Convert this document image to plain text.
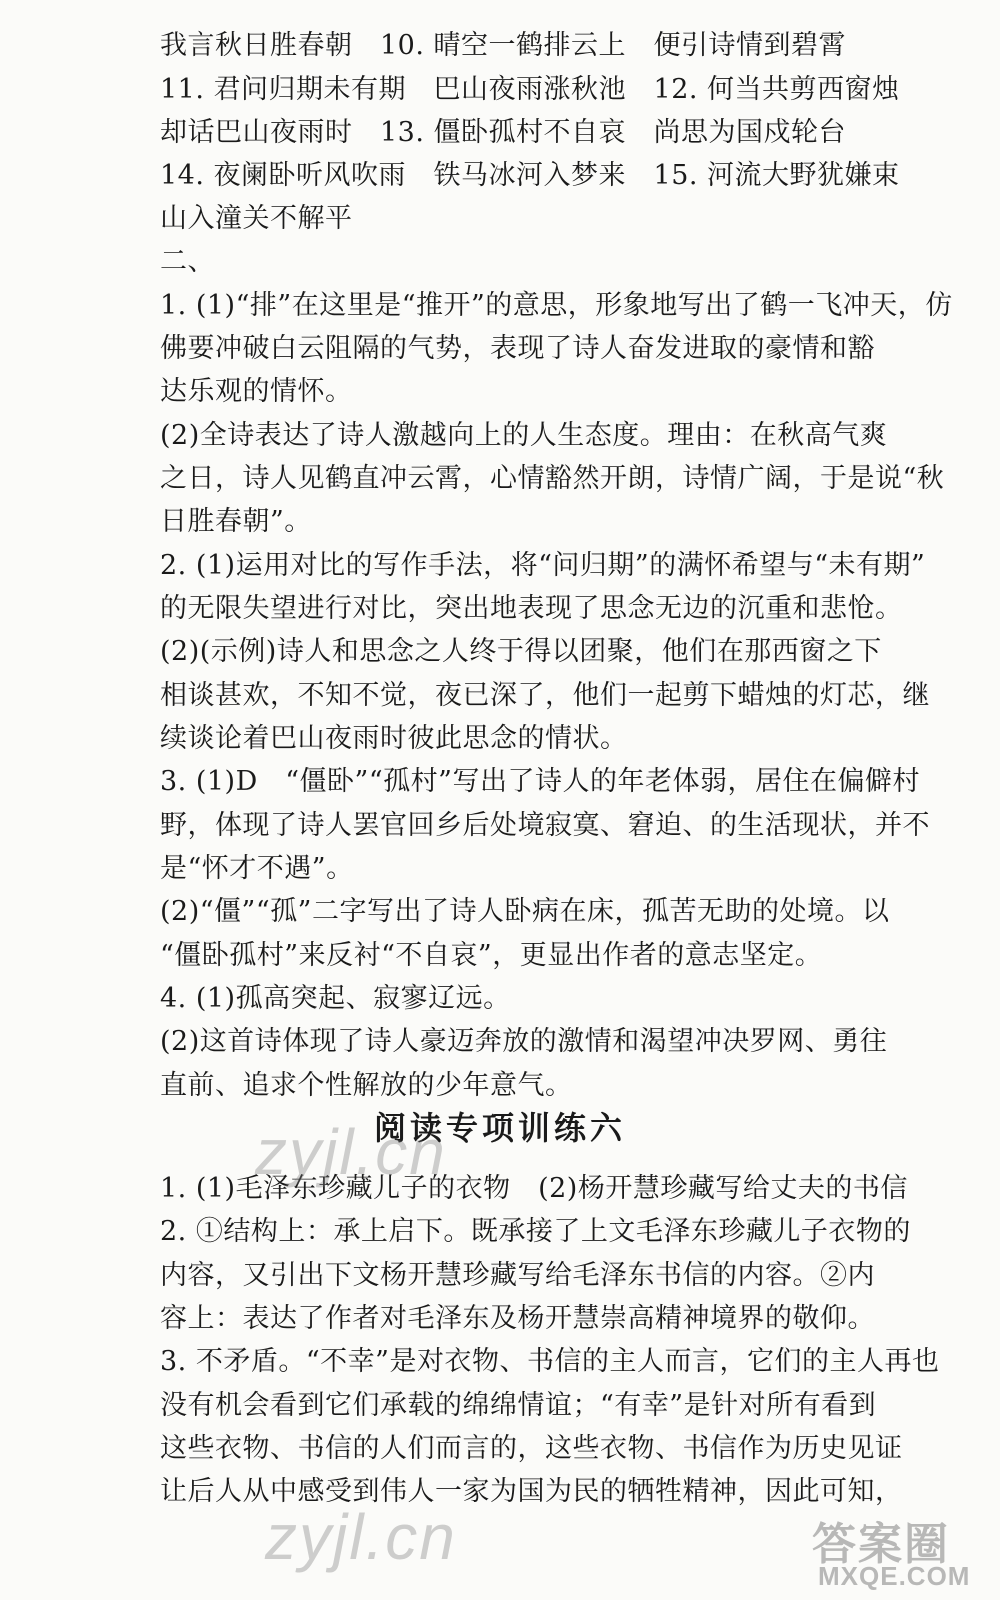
我言秋日胜春朝　10. 晴空一鹤排云上　便引诗情到碧霄
11. 君问归期未有期　巴山夜雨涨秋池　12. 何当共剪西窗烛
却话巴山夜雨时　13. 僵卧孤村不自哀　尚思为国戍轮台
14. 夜阑卧听风吹雨　铁马冰河入梦来　15. 河流大野犹嫌束
山入潼关不解平
二、
1. (1)“排”在这里是“推开”的意思，形象地写出了鹤一飞冲天，仿
佛要冲破白云阻隔的气势，表现了诗人奋发进取的豪情和豁
达乐观的情怀。
(2)全诗表达了诗人激越向上的人生态度。理由：在秋高气爽
之日，诗人见鹤直冲云霄，心情豁然开朗，诗情广阔，于是说“秋
日胜春朝”。
2. (1)运用对比的写作手法，将“问归期”的满怀希望与“未有期”
的无限失望进行对比，突出地表现了思念无边的沉重和悲怆。
(2)(示例)诗人和思念之人终于得以团聚，他们在那西窗之下
相谈甚欢，不知不觉，夜已深了，他们一起剪下蜡烛的灯芯，继
续谈论着巴山夜雨时彼此思念的情状。
3. (1)D　“僵卧”“孤村”写出了诗人的年老体弱，居住在偏僻村
野，体现了诗人罢官回乡后处境寂寞、窘迫、的生活现状，并不
是“怀才不遇”。
(2)“僵”“孤”二字写出了诗人卧病在床，孤苦无助的处境。以
“僵卧孤村”来反衬“不自哀”，更显出作者的意志坚定。
4. (1)孤高突起、寂寥辽远。
(2)这首诗体现了诗人豪迈奔放的激情和渴望冲决罗网、勇往
直前、追求个性解放的少年意气。
阅读专项训练六
1. (1)毛泽东珍藏儿子的衣物　(2)杨开慧珍藏写给丈夫的书信
2. ①结构上：承上启下。既承接了上文毛泽东珍藏儿子衣物的
内容，又引出下文杨开慧珍藏写给毛泽东书信的内容。②内
容上：表达了作者对毛泽东及杨开慧崇高精神境界的敬仰。
3. 不矛盾。“不幸”是对衣物、书信的主人而言，它们的主人再也
没有机会看到它们承载的绵绵情谊；“有幸”是针对所有看到
这些衣物、书信的人们而言的，这些衣物、书信作为历史见证
让后人从中感受到伟人一家为国为民的牺牲精神，因此可知，
zyjl.cn
zyjl.cn	答案圈
MXQE.COM
